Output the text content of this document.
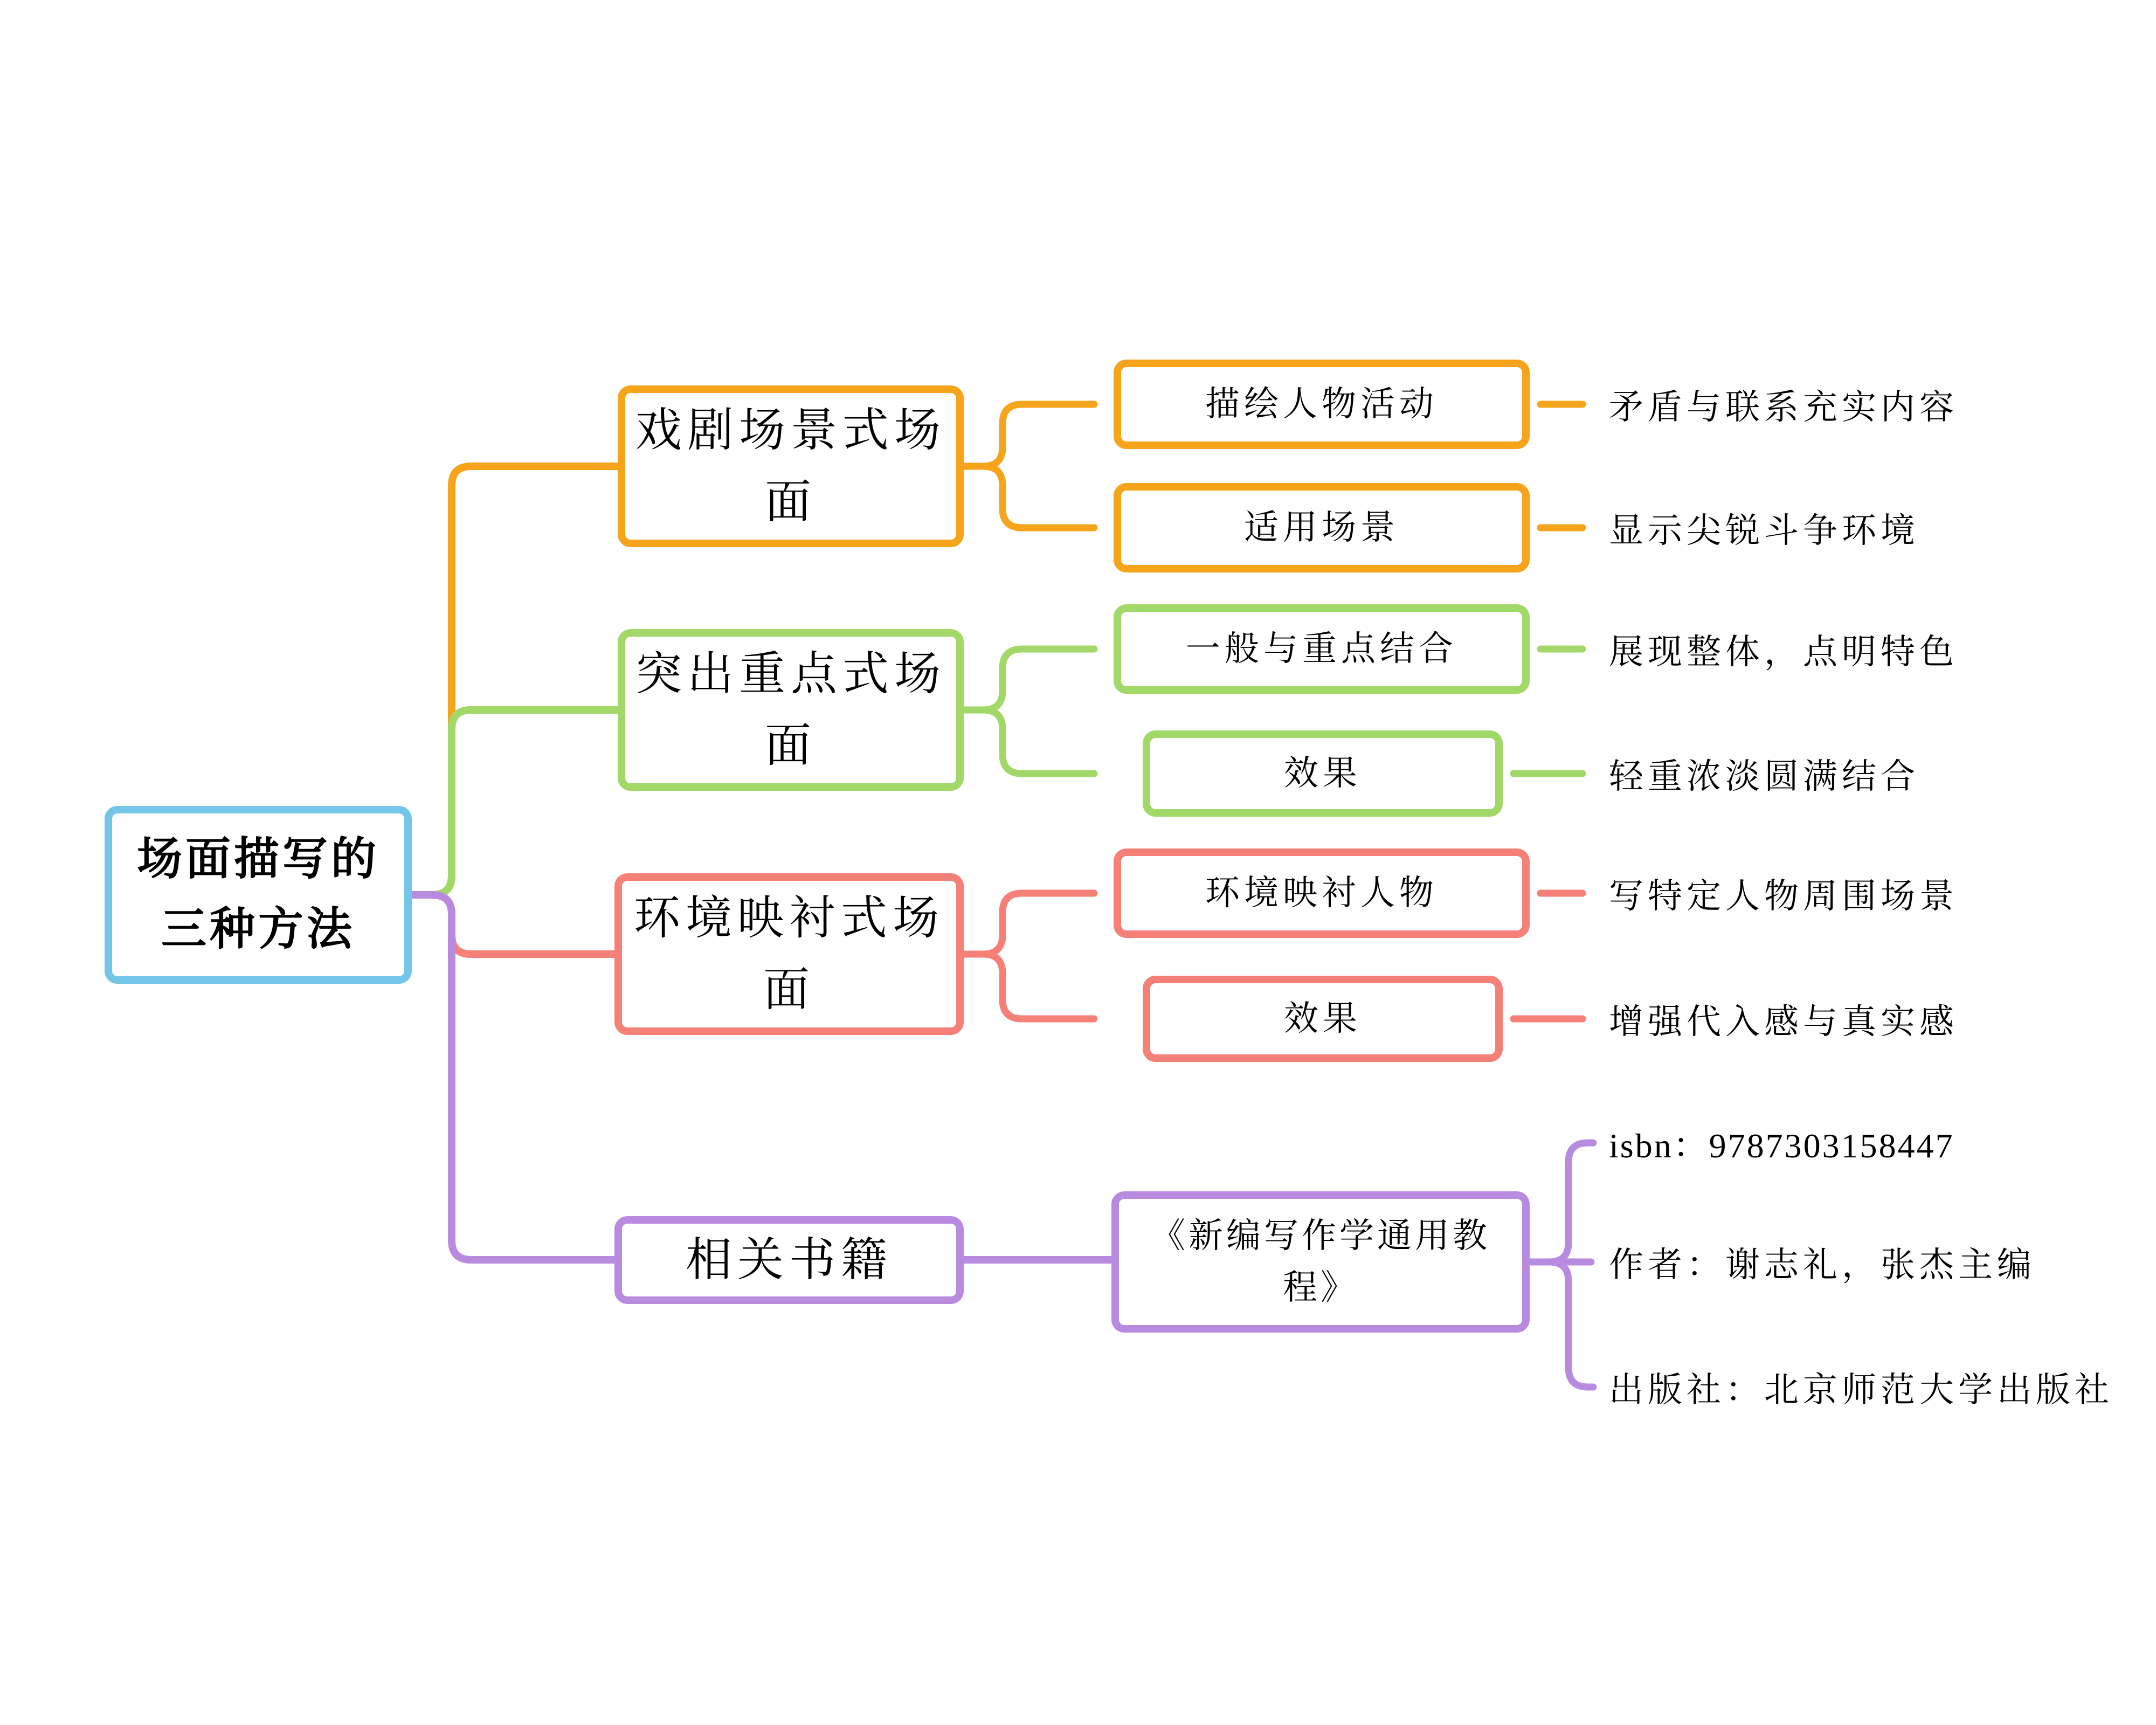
场面描写的三种方法
戏剧场景式场面
突出重点式场面
环境映衬式场面
相关书籍
描绘人物活动
适用场景
一般与重点结合
效果
环境映衬人物
效果
《新编写作学通用教程》
矛盾与联系充实内容
显示尖锐斗争环境
展现整体，点明特色
轻重浓淡圆满结合
写特定人物周围场景
增强代入感与真实感
isbn：9787303158447
作者：谢志礼，张杰主编
出版社：北京师范大学出版社
